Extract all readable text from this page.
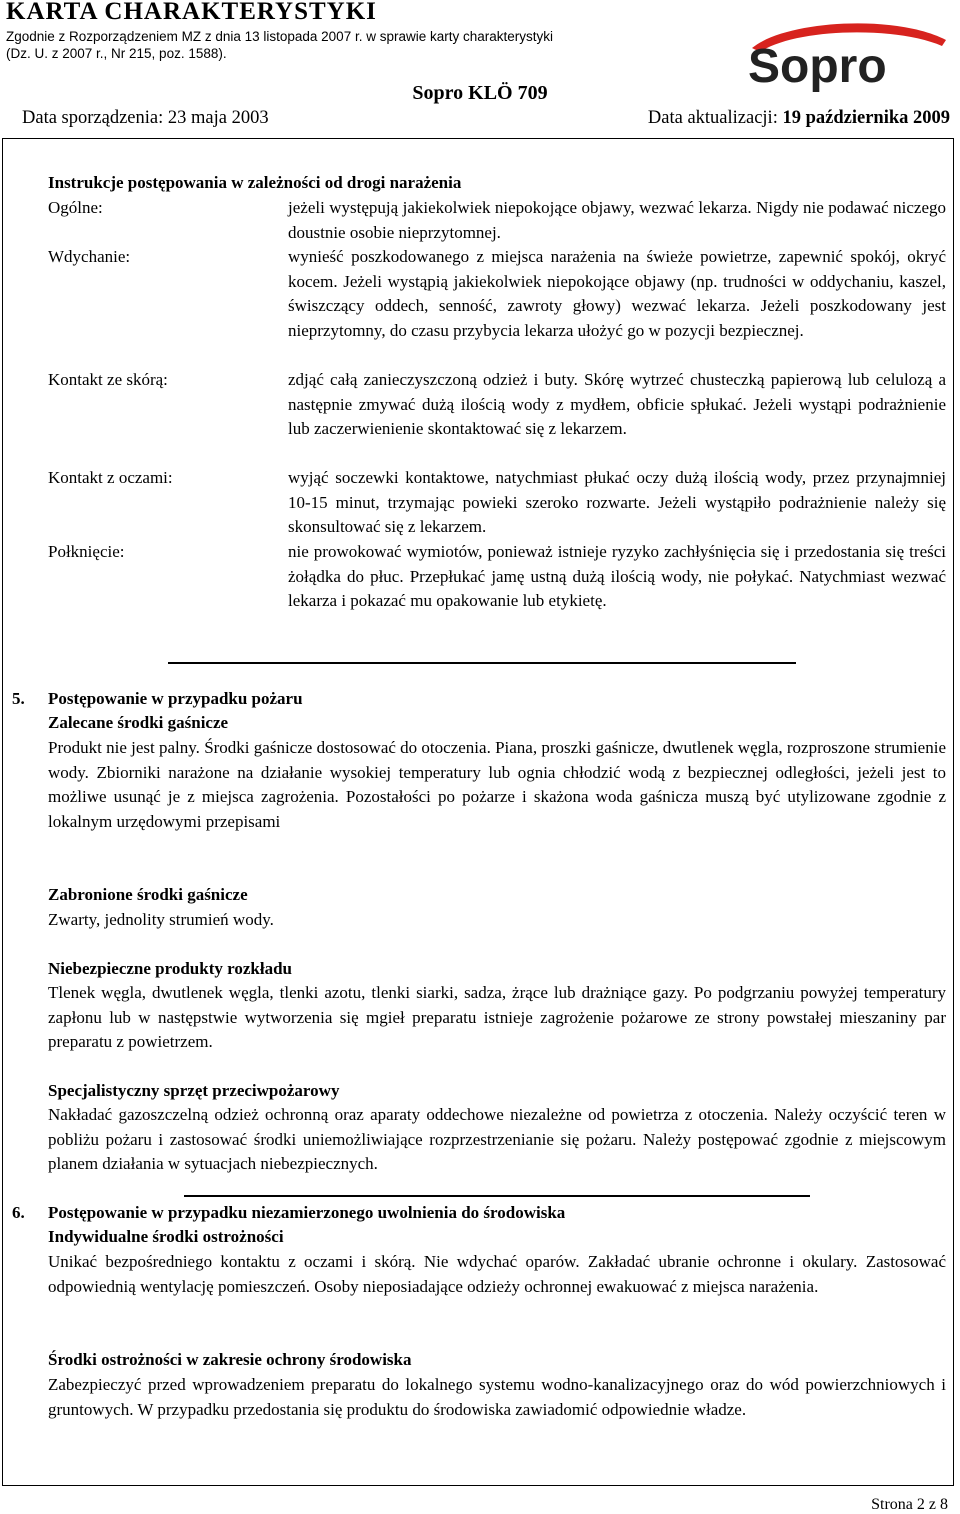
KARTA CHARAKTERYSTYKI
Zgodnie z Rozporządzeniem MZ z dnia 13 listopada 2007 r. w sprawie karty charakterystyki
(Dz. U. z 2007 r., Nr 215, poz. 1588).	Sopro
Sopro KLÖ 709
Data sporządzenia: 23 maja 2003	Data aktualizacji: 19 października 2009
Instrukcje postępowania w zależności od drogi narażenia
Ogólne:	jeżeli występują jakiekolwiek niepokojące objawy, wezwać lekarza. Nigdy nie podawać niczego doustnie osobie nieprzytomnej.
Wdychanie:	wynieść poszkodowanego z miejsca narażenia na świeże powietrze, zapewnić spokój, okryć kocem. Jeżeli wystąpią jakiekolwiek niepokojące objawy (np. trudności w oddychaniu, kaszel, świszczący oddech, senność, zawroty głowy) wezwać lekarza. Jeżeli poszkodowany jest nieprzytomny, do czasu przybycia lekarza ułożyć go w pozycji bezpiecznej.
Kontakt ze skórą:	zdjąć całą zanieczyszczoną odzież i buty. Skórę wytrzeć chusteczką papierową lub celulozą a następnie zmywać dużą ilością wody z mydłem, obficie spłukać. Jeżeli wystąpi podrażnienie lub zaczerwienienie skontaktować się z lekarzem.
Kontakt z oczami:	wyjąć soczewki kontaktowe, natychmiast płukać oczy dużą ilością wody, przez przynajmniej 10-15 minut, trzymając powieki szeroko rozwarte. Jeżeli wystąpiło podrażnienie należy się skonsultować się z lekarzem.
Połknięcie:	nie prowokować wymiotów, ponieważ istnieje ryzyko zachłyśnięcia się i przedostania się treści żołądka do płuc. Przepłukać jamę ustną dużą ilością wody, nie połykać. Natychmiast wezwać lekarza i pokazać mu opakowanie lub etykietę.
5. Postępowanie w przypadku pożaru
Zalecane środki gaśnicze
Produkt nie jest palny. Środki gaśnicze dostosować do otoczenia. Piana, proszki gaśnicze, dwutlenek węgla, rozproszone strumienie wody. Zbiorniki narażone na działanie wysokiej temperatury lub ognia chłodzić wodą z bezpiecznej odległości, jeżeli jest to możliwe usunąć je z miejsca zagrożenia. Pozostałości po pożarze i skażona woda gaśnicza muszą być utylizowane zgodnie z lokalnym urzędowymi przepisami
Zabronione środki gaśnicze
Zwarty, jednolity strumień wody.
Niebezpieczne produkty rozkładu
Tlenek węgla, dwutlenek węgla, tlenki azotu, tlenki siarki, sadza, żrące lub drażniące gazy. Po podgrzaniu powyżej temperatury zapłonu lub w następstwie wytworzenia się mgieł preparatu istnieje zagrożenie pożarowe ze strony powstałej mieszaniny par preparatu z powietrzem.
Specjalistyczny sprzęt przeciwpożarowy
Nakładać gazoszczelną odzież ochronną oraz aparaty oddechowe niezależne od powietrza z otoczenia. Należy oczyścić teren w pobliżu pożaru i zastosować środki uniemożliwiające rozprzestrzenianie się pożaru. Należy postępować zgodnie z miejscowym planem działania w sytuacjach niebezpiecznych.
6. Postępowanie w przypadku niezamierzonego uwolnienia do środowiska
Indywidualne środki ostrożności
Unikać bezpośredniego kontaktu z oczami i skórą. Nie wdychać oparów. Zakładać ubranie ochronne i okulary. Zastosować odpowiednią wentylację pomieszczeń. Osoby nieposiadające odzieży ochronnej ewakuować z miejsca narażenia.
Środki ostrożności w zakresie ochrony środowiska
Zabezpieczyć przed wprowadzeniem preparatu do lokalnego systemu wodno-kanalizacyjnego oraz do wód powierzchniowych i gruntowych. W przypadku przedostania się produktu do środowiska zawiadomić odpowiednie władze.
Strona 2 z 8
